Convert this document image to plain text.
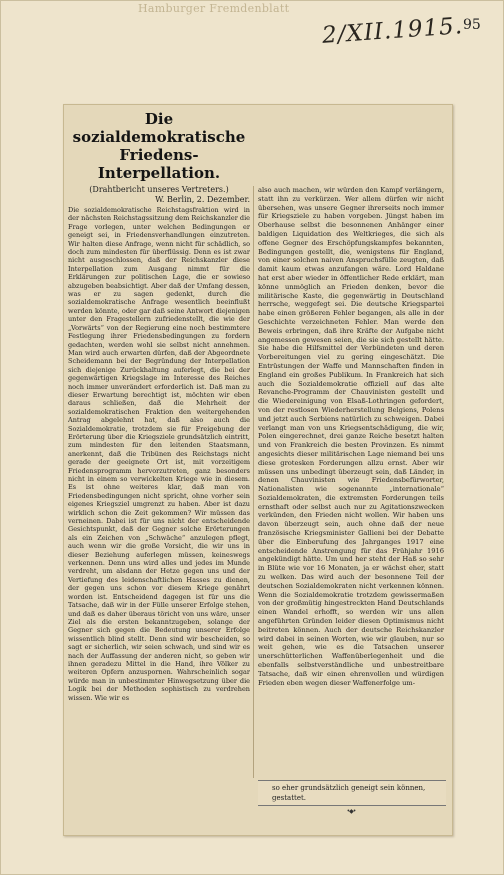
Hamburger Fremdenblatt
2/XII.1915. 95
Die sozialdemokratische Friedens-Interpellation.

(Drahtbericht unseres Vertreters.)

W. Berlin, 2. Dezember.

Die sozialdemokratische Reichstagsfraktion wird in der nächsten Reichstagssitzung dem Reichskanzler die Frage vorlegen, unter welchen Bedingungen er geneigt sei, in Friedensverhandlungen einzutreten. Wir halten diese Anfrage, wenn nicht für schädlich, so doch zum mindesten für überflüssig. Denn es ist zwar nicht ausgeschlossen, daß der Reichskanzler diese Interpellation zum Ausgang nimmt für die Erklärungen zur politischen Lage, die er sowieso abzugeben beabsichtigt. Aber daß der Umfang dessen, was er zu sagen gedenkt, durch die sozialdemokratische Anfrage wesentlich beeinflußt werden könnte, oder gar daß seine Antwort diejenigen unter den Fragestellern zufriedenstellt, die wie der „Vorwärts“ von der Regierung eine noch bestimmtere Festlegung ihrer Friedensbedingungen zu fordern gedachten, werden wohl sie selbst nicht annehmen. Man wird auch erwarten dürfen, daß der Abgeordnete Scheidemann bei der Begründung der Interpellation sich diejenige Zurückhaltung auferlegt, die bei der gegenwärtigen Kriegslage im Interesse des Reiches noch immer unverändert erforderlich ist. Daß man zu dieser Erwartung berechtigt ist, möchten wir eben daraus schließen, daß die Mehrheit der sozialdemokratischen Fraktion den weitergehenden Antrag abgelehnt hat, daß also auch die Sozialdemokratie, trotzdem sie für Freigebung der Erörterung über die Kriegsziele grundsätzlich eintritt, zum mindesten für den leitenden Staatsmann, anerkennt, daß die Tribünen des Reichstags nicht gerade der geeignete Ort ist, mit vorzeitigem Friedensprogramm hervorzutreten, ganz besonders nicht in einem so verwickelten Kriege wie in diesem. Es ist ohne weiteres klar, daß man von Friedensbedingungen nicht spricht, ohne vorher sein eigenes Kriegsziel umgrenzt zu haben. Aber ist dazu wirklich schon die Zeit gekommen? Wir müssen das verneinen. Dabei ist für uns nicht der entscheidende Gesichtspunkt, daß der Gegner solche Erörterungen als ein Zeichen von „Schwäche“ anzulegen pflegt, auch wenn wir die große Vorsicht, die wir uns in dieser Beziehung auferlegen müssen, keineswegs verkennen. Denn uns wird alles und jedes im Munde verdreht, um alsdann der Hetze gegen uns und der Vertiefung des leidenschaftlichen Hasses zu dienen, der gegen uns schon vor diesem Kriege genährt worden ist. Entscheidend dagegen ist für uns die Tatsache, daß wir in der Fülle unserer Erfolge stehen, und daß es daher überaus töricht von uns wäre, unser Ziel als die ersten bekanntzugeben, solange der Gegner sich gegen die Bedeutung unserer Erfolge wissentlich blind stellt. Denn sind wir bescheiden, so sagt er sicherlich, wir seien schwach, und sind wir es nach der Auffassung der anderen nicht, so geben wir ihnen geradezu Mittel in die Hand, ihre Völker zu weiteren Opfern anzuspornen. Wahrscheinlich sogar würde man in unbestimmter Hinwegsetzung über die Logik bei der Methoden sophistisch zu verdrehen wissen. Wie wir es

also auch machen, wir würden den Kampf verlängern, statt ihn zu verkürzen. Wer allem dürfen wir nicht übersehen, was unsere Gegner ihrerseits noch immer für Kriegsziele zu haben vorgeben. Jüngst haben im Oberhause selbst die besonnenen Anhänger einer baldigen Liquidation des Weltkrieges, die sich als offene Gegner des Erschöpfungskampfes bekannten, Bedingungen gestellt, die, wenigstens für England, von einer solchen naiven Anspruchsfülle zeugten, daß damit kaum etwas anzufangen wäre. Lord Haldane hat erst aber wieder in öffentlicher Rede erklärt, man könne unmöglich an Frieden denken, bevor die militärische Kaste, die gegenwärtig in Deutschland herrsche, weggefegt sei. Die deutsche Kriegspartei habe einen größeren Fehler begangen, als alle in der Geschichte verzeichneten Fehler. Man werde den Beweis erbringen, daß ihre Kräfte der Aufgabe nicht angemessen gewesen seien, die sie sich gestellt hätte. Sie habe die Hilfsmittel der Verbündeten und deren Vorbereitungen viel zu gering eingeschätzt. Die Entrüstungen der Waffe und Mannschaften finden in England ein großes Publikum. In Frankreich hat sich auch die Sozialdemokratie offiziell auf das alte Revanche-Programm der Chauvinisten gestellt und die Wiedereinigung von Elsaß-Lothringen gefordert, von der restlosen Wiederherstellung Belgiens, Polens und jetzt auch Serbiens natürlich zu schweigen. Dabei verlangt man von uns Kriegsentschädigung, die wir, Polen eingerechnet, drei ganze Reiche besetzt halten und von Frankreich die besten Provinzen. Es nimmt angesichts dieser militärischen Lage niemand bei uns diese grotesken Forderungen allzu ernst. Aber wir müssen uns unbedingt überzeugt sein, daß Länder, in denen Chauvinisten wie Friedensbefürworter, Nationalisten wie sogenannte „internationale“ Sozialdemokraten, die extremsten Forderungen teils ernsthaft oder selbst auch nur zu Agitationszwecken verkünden, den Frieden nicht wollen. Wir haben uns davon überzeugt sein, auch ohne daß der neue französische Kriegsminister Gallieni bei der Debatte über die Einberufung des Jahrganges 1917 eine entscheidende Anstrengung für das Frühjahr 1916 angekündigt hätte. Um und her steht der Haß so sehr in Blüte wie vor 16 Monaten, ja er wächst eher, statt zu welken. Das wird auch der besonnene Teil der deutschen Sozialdemokraten nicht verkennen können. Wenn die Sozialdemokratie trotzdem gewissermaßen von der großmütig hingestreckten Hand Deutschlands einen Wandel erhofft, so werden wir uns allen angeführten Gründen leider diesen Optimismus nicht beitreten können. Auch der deutsche Reichskanzler wird dabei in seinen Worten, wie wir glauben, nur so weit gehen, wie es die Tatsachen unserer unerschütterlichen Waffenüberlegenheit und die ebenfalls selbstverständliche und unbestreitbare Tatsache, daß wir einen ehrenvollen und würdigen Frieden eben wegen dieser Waffenerfolge um-

so eher grundsätzlich geneigt sein können, gestattet.
•◆•
